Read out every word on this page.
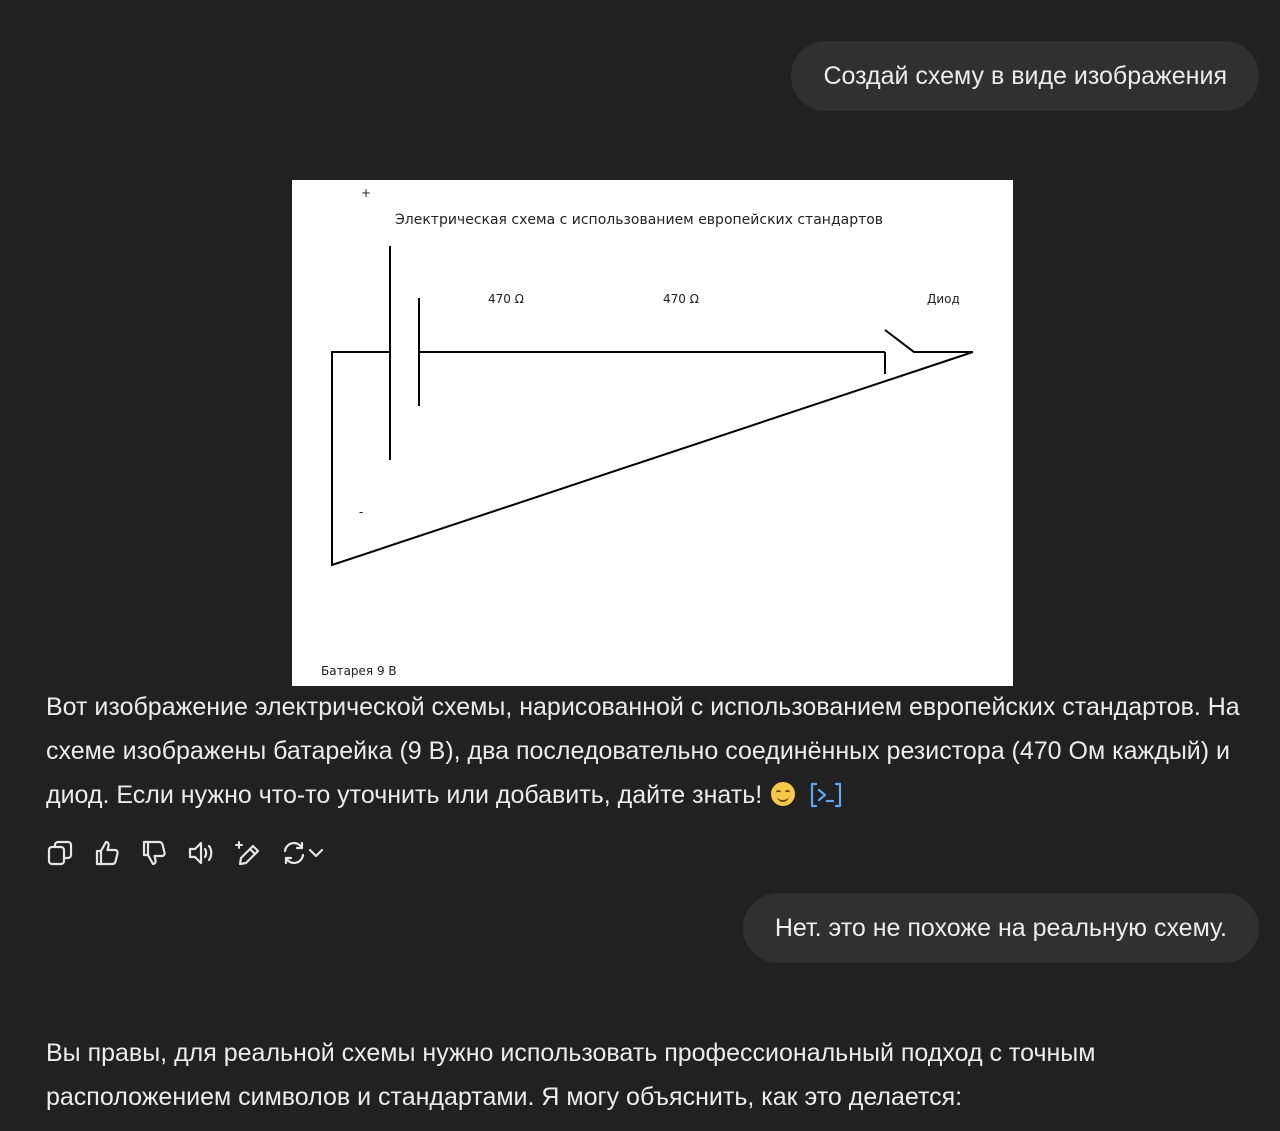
Создай схему в виде изображения
+
Электрическая схема с использованием европейских стандартов
470 Ω	470 Ω	Диод
-
Батарея 9 В

Вот изображение электрической схемы, нарисованной с использованием европейских стандартов. На схеме изображены батарейка (9 В), два последовательно соединённых резистора (470 Ом каждый) и диод. Если нужно что-то уточнить или добавить, дайте знать!

Нет. это не похоже на реальную схему.

Вы правы, для реальной схемы нужно использовать профессиональный подход с точным расположением символов и стандартами. Я могу объяснить, как это делается:
